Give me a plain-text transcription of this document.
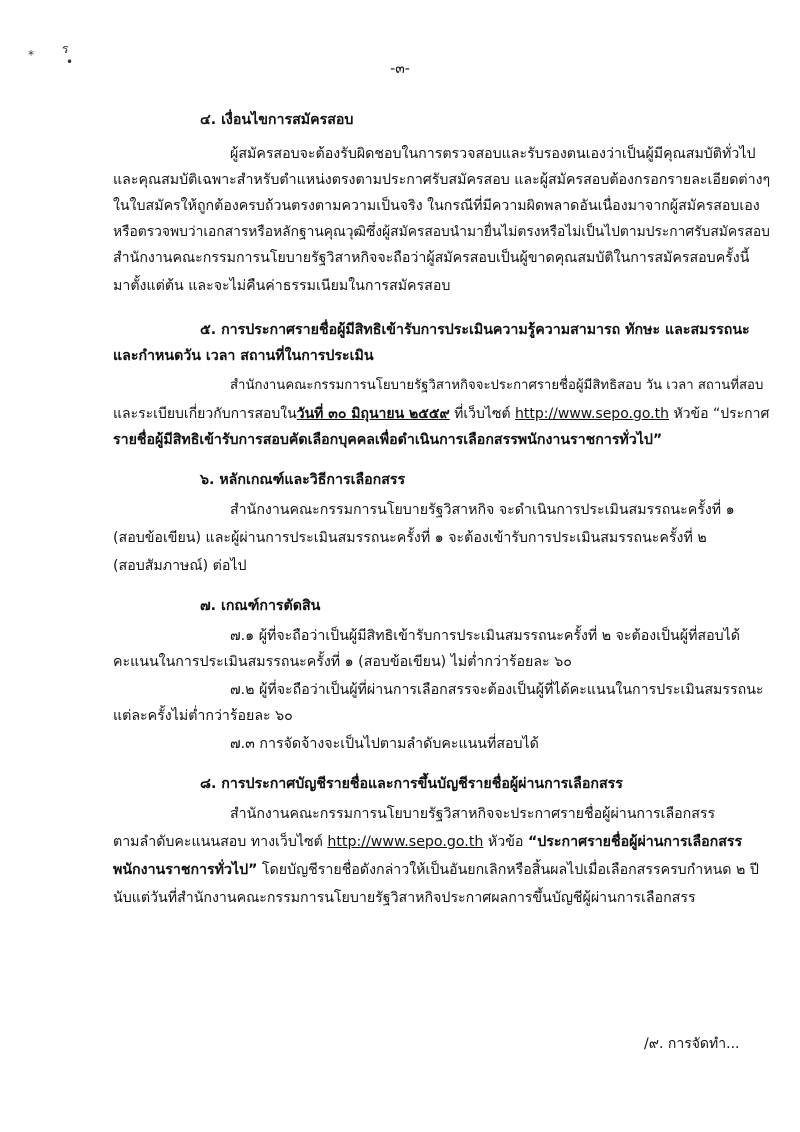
ร
*	•	-๓-
๔. เงื่อนไขการสมัครสอบ
ผู้สมัครสอบจะต้องรับผิดชอบในการตรวจสอบและรับรองตนเองว่าเป็นผู้มีคุณสมบัติทั่วไป
และคุณสมบัติเฉพาะสำหรับตำแหน่งตรงตามประกาศรับสมัครสอบ และผู้สมัครสอบต้องกรอกรายละเอียดต่างๆ
ในใบสมัครให้ถูกต้องครบถ้วนตรงตามความเป็นจริง ในกรณีที่มีความผิดพลาดอันเนื่องมาจากผู้สมัครสอบเอง
หรือตรวจพบว่าเอกสารหรือหลักฐานคุณวุฒิซึ่งผู้สมัครสอบนำมายื่นไม่ตรงหรือไม่เป็นไปตามประกาศรับสมัครสอบ
สำนักงานคณะกรรมการนโยบายรัฐวิสาหกิจจะถือว่าผู้สมัครสอบเป็นผู้ขาดคุณสมบัติในการสมัครสอบครั้งนี้
มาตั้งแต่ต้น และจะไม่คืนค่าธรรมเนียมในการสมัครสอบ
๕. การประกาศรายชื่อผู้มีสิทธิเข้ารับการประเมินความรู้ความสามารถ ทักษะ และสมรรถนะ
และกำหนดวัน เวลา สถานที่ในการประเมิน
สำนักงานคณะกรรมการนโยบายรัฐวิสาหกิจจะประกาศรายชื่อผู้มีสิทธิสอบ วัน เวลา สถานที่สอบ
และระเบียบเกี่ยวกับการสอบในวันที่ ๓๐ มิถุนายน ๒๕๕๙ ที่เว็บไซต์ http://www.sepo.go.th หัวข้อ “ประกาศ
รายชื่อผู้มีสิทธิเข้ารับการสอบคัดเลือกบุคคลเพื่อดำเนินการเลือกสรรพนักงานราชการทั่วไป”
๖. หลักเกณฑ์และวิธีการเลือกสรร
สำนักงานคณะกรรมการนโยบายรัฐวิสาหกิจ จะดำเนินการประเมินสมรรถนะครั้งที่ ๑
(สอบข้อเขียน) และผู้ผ่านการประเมินสมรรถนะครั้งที่ ๑ จะต้องเข้ารับการประเมินสมรรถนะครั้งที่ ๒
(สอบสัมภาษณ์) ต่อไป
๗. เกณฑ์การตัดสิน
๗.๑ ผู้ที่จะถือว่าเป็นผู้มีสิทธิเข้ารับการประเมินสมรรถนะครั้งที่ ๒ จะต้องเป็นผู้ที่สอบได้
คะแนนในการประเมินสมรรถนะครั้งที่ ๑ (สอบข้อเขียน) ไม่ต่ำกว่าร้อยละ ๖๐
๗.๒ ผู้ที่จะถือว่าเป็นผู้ที่ผ่านการเลือกสรรจะต้องเป็นผู้ที่ได้คะแนนในการประเมินสมรรถนะ
แต่ละครั้งไม่ต่ำกว่าร้อยละ ๖๐
๗.๓ การจัดจ้างจะเป็นไปตามลำดับคะแนนที่สอบได้
๘. การประกาศบัญชีรายชื่อและการขึ้นบัญชีรายชื่อผู้ผ่านการเลือกสรร
สำนักงานคณะกรรมการนโยบายรัฐวิสาหกิจจะประกาศรายชื่อผู้ผ่านการเลือกสรร
ตามลำดับคะแนนสอบ ทางเว็บไซต์ http://www.sepo.go.th หัวข้อ “ประกาศรายชื่อผู้ผ่านการเลือกสรร
พนักงานราชการทั่วไป” โดยบัญชีรายชื่อดังกล่าวให้เป็นอันยกเลิกหรือสิ้นผลไปเมื่อเลือกสรรครบกำหนด ๒ ปี
นับแต่วันที่สำนักงานคณะกรรมการนโยบายรัฐวิสาหกิจประกาศผลการขึ้นบัญชีผู้ผ่านการเลือกสรร
/๙. การจัดทำ...
